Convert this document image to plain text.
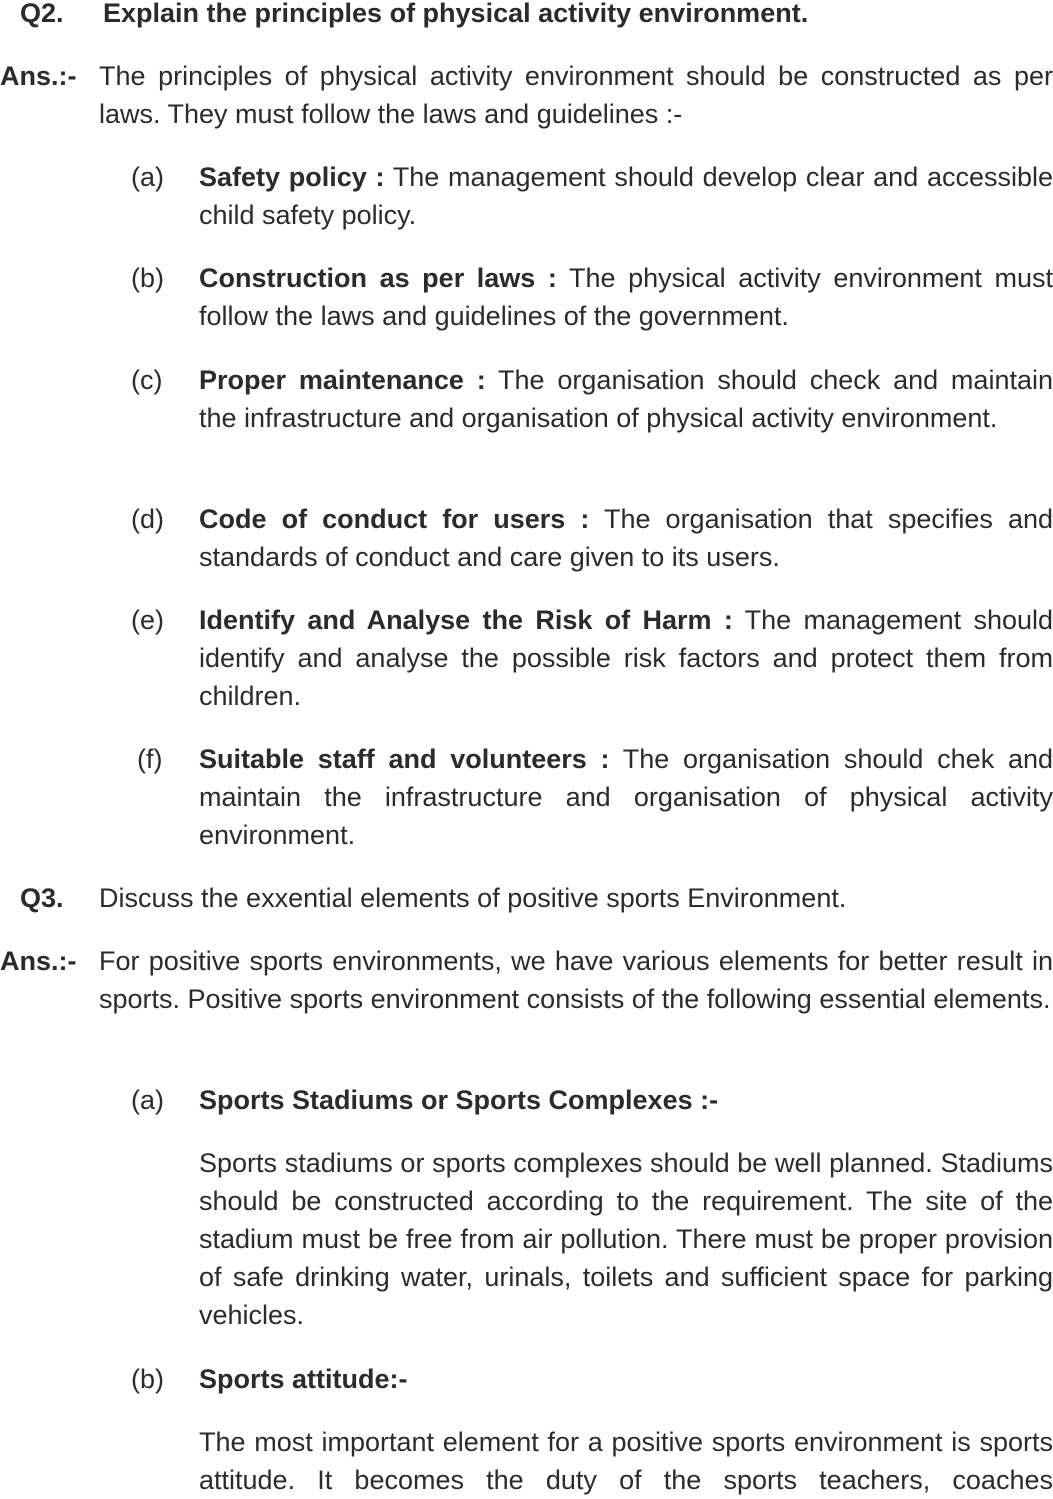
Q2. Explain the principles of physical activity environment.
Ans.:- The principles of physical activity environment should be constructed as per laws. They must follow the laws and guidelines :-
(a) Safety policy : The management should develop clear and accessible child safety policy.
(b) Construction as per laws : The physical activity environment must follow the laws and guidelines of the government.
(c) Proper maintenance : The organisation should check and maintain the infrastructure and organisation of physical activity environment.
(d) Code of conduct for users : The organisation that specifies and standards of conduct and care given to its users.
(e) Identify and Analyse the Risk of Harm : The management should identify and analyse the possible risk factors and protect them from children.
(f) Suitable staff and volunteers : The organisation should chek and maintain the infrastructure and organisation of physical activity environment.
Q3. Discuss the exxential elements of positive sports Environment.
Ans.:- For positive sports environments, we have various elements for better result in sports. Positive sports environment consists of the following essential elements.
(a) Sports Stadiums or Sports Complexes :-
Sports stadiums or sports complexes should be well planned. Stadiums should be constructed according to the requirement. The site of the stadium must be free from air pollution. There must be proper provision of safe drinking water, urinals, toilets and sufficient space for parking vehicles.
(b) Sports attitude:-
The most important element for a positive sports environment is sports attitude. It becomes the duty of the sports teachers, coaches
